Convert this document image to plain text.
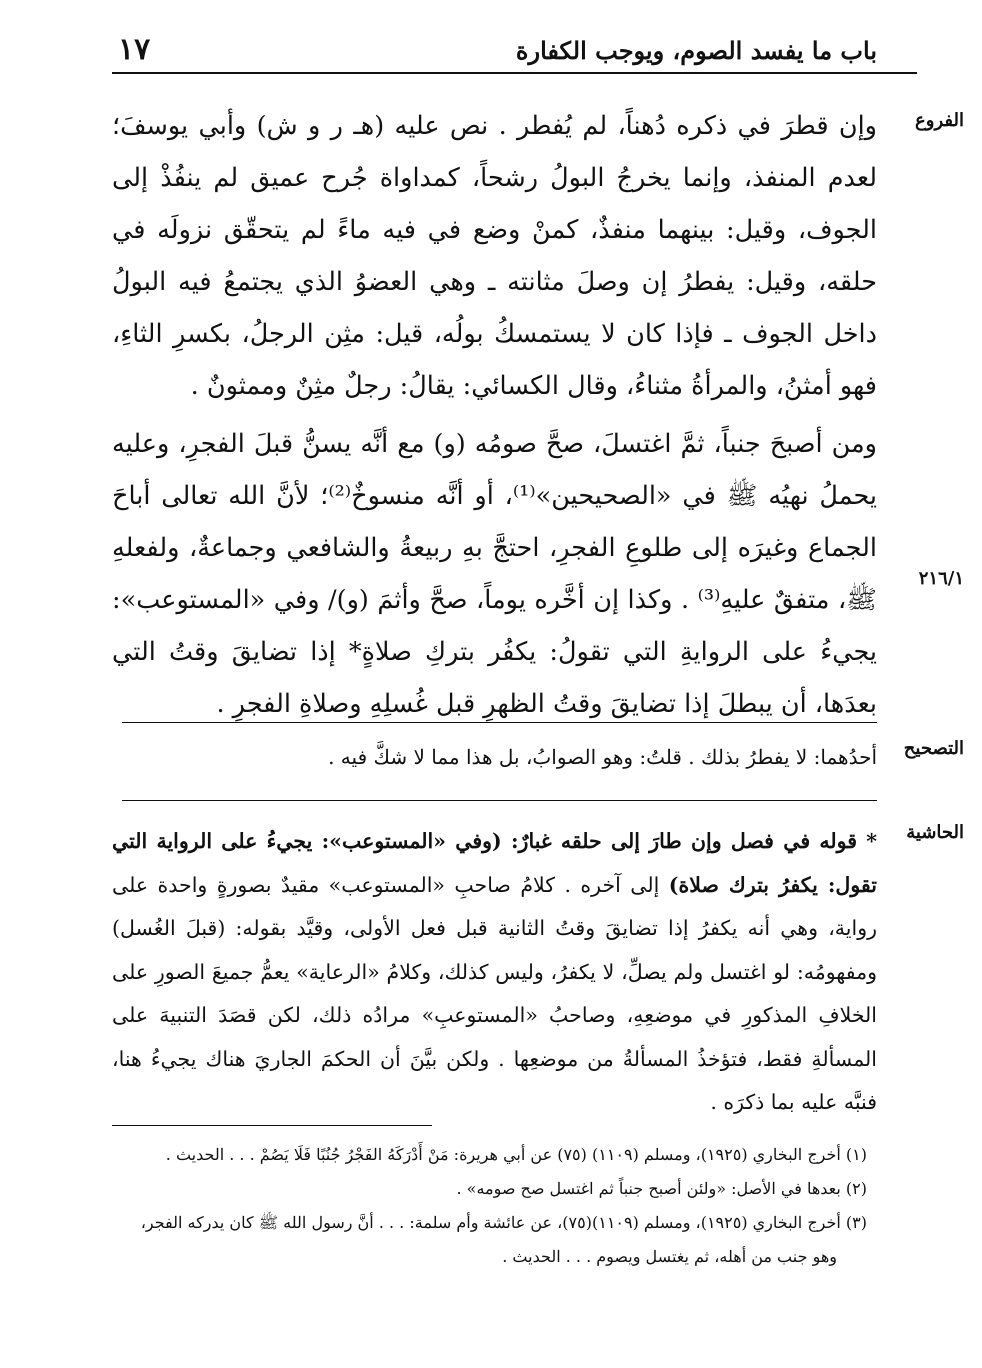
باب ما يفسد الصوم، ويوجب الكفارة
١٧
الفروع
٢١٦/١
التصحيح
الحاشية

وإن قطرَ في ذكره دُهناً، لم يُفطر . نص عليه (هـ ر و ش) وأبي يوسفَ؛ لعدم المنفذ، وإنما يخرجُ البولُ رشحاً، كمداواة جُرح عميق لم ينفُذْ إلى الجوف، وقيل: بينهما منفذٌ، كمنْ وضع في فيه ماءً لم يتحقّق نزولَه في حلقه، وقيل: يفطرُ إن وصلَ مثانته ـ وهي العضوُ الذي يجتمعُ فيه البولُ داخل الجوف ـ فإذا كان لا يستمسكُ بولُه، قيل: مثِن الرجلُ، بكسرِ الثاءِ، فهو أمثنُ، والمرأةُ مثناءُ، وقال الكسائي: يقالُ: رجلٌ مثِنٌ وممثونٌ .

ومن أصبحَ جنباً، ثمَّ اغتسلَ، صحَّ صومُه (و) مع أنَّه يسنُّ قبلَ الفجرِ، وعليه يحملُ نهيُه ﷺ في «الصحيحين»⁽¹⁾، أو أنَّه منسوخٌ⁽²⁾؛ لأنَّ الله تعالى أباحَ الجماع وغيرَه إلى طلوعِ الفجرِ، احتجَّ بهِ ربيعةُ والشافعي وجماعةٌ، ولفعلهِ ﷺ، متفقٌ عليهِ⁽³⁾ . وكذا إن أخَّره يوماً، صحَّ وأثمَ (و)/ وفي «المستوعب»: يجيءُ على الروايةِ التي تقولُ: يكفُر بتركِ صلاةٍ* إذا تضايقَ وقتُ التي بعدَها، أن يبطلَ إذا تضايقَ وقتُ الظهرِ قبل غُسلِهِ وصلاةِ الفجرِ .

أحدُهما: لا يفطرُ بذلك . قلتُ: وهو الصوابُ، بل هذا مما لا شكَّ فيه .

* قوله في فصل وإن طارَ إلى حلقه غبارٌ: (وفي «المستوعب»: يجيءُ على الرواية التي تقول: يكفرُ بترك صلاة) إلى آخره . كلامُ صاحبِ «المستوعب» مقيدٌ بصورةٍ واحدة على رواية، وهي أنه يكفرُ إذا تضايقَ وقتُ الثانية قبل فعل الأولى، وقيَّد بقوله: (قبلَ الغُسل) ومفهومُه: لو اغتسل ولم يصلِّ، لا يكفرُ، وليس كذلك، وكلامُ «الرعاية» يعمُّ جميعَ الصورِ على الخلافِ المذكورِ في موضعِهِ، وصاحبُ «المستوعبِ» مرادُه ذلك، لكن قصَدَ التنبيهَ على المسألةِ فقط، فتؤخذُ المسألةُ من موضعِها . ولكن بيَّنَ أن الحكمَ الجاريَ هناك يجيءُ هنا، فنبَّه عليه بما ذكرَه .

(١) أخرج البخاري (١٩٢٥)، ومسلم (١١٠٩) (٧٥) عن أبي هريرة: مَنْ أَدْرَكَهُ الفَجْرُ جُنُبًا فَلَا يَصُمْ . . . الحديث .

(٢) بعدها في الأصل: «ولئن أصبح جنباً ثم اغتسل صح صومه» .

(٣) أخرج البخاري (١٩٢٥)، ومسلم (١١٠٩)(٧٥)، عن عائشة وأم سلمة: . . . أنَّ رسول الله ﷺ كان يدركه الفجر،

وهو جنب من أهله، ثم يغتسل ويصوم . . . الحديث .
